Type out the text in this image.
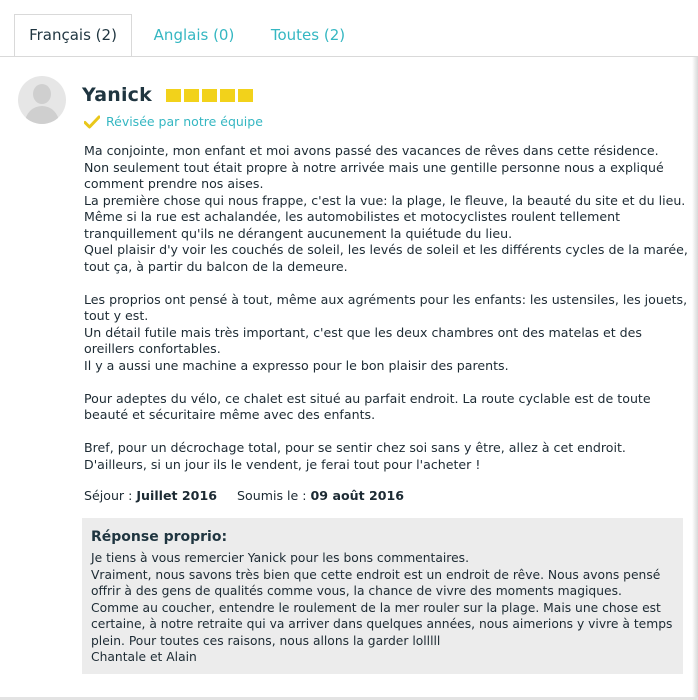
Français (2)	Anglais (0) Toutes (2)
Yanick
Révisée par notre équipe

Ma conjointe, mon enfant et moi avons passé des vacances de rêves dans cette résidence.
Non seulement tout était propre à notre arrivée mais une gentille personne nous a expliqué comment prendre nos aises.
La première chose qui nous frappe, c'est la vue: la plage, le fleuve, la beauté du site et du lieu.
Même si la rue est achalandée, les automobilistes et motocyclistes roulent tellement tranquillement qu'ils ne dérangent aucunement la quiétude du lieu.
Quel plaisir d'y voir les couchés de soleil, les levés de soleil et les différents cycles de la marée, tout ça, à partir du balcon de la demeure.

Les proprios ont pensé à tout, même aux agréments pour les enfants: les ustensiles, les jouets, tout y est.
Un détail futile mais très important, c'est que les deux chambres ont des matelas et des oreillers confortables.
Il y a aussi une machine a expresso pour le bon plaisir des parents.

Pour adeptes du vélo, ce chalet est situé au parfait endroit. La route cyclable est de toute beauté et sécuritaire même avec des enfants.

Bref, pour un décrochage total, pour se sentir chez soi sans y être, allez à cet endroit.
D'ailleurs, si un jour ils le vendent, je ferai tout pour l'acheter !

Séjour : Juillet 2016 Soumis le : 09 août 2016
Réponse proprio:
Je tiens à vous remercier Yanick pour les bons commentaires.
Vraiment, nous savons très bien que cette endroit est un endroit de rêve. Nous avons pensé offrir à des gens de qualités comme vous, la chance de vivre des moments magiques.
Comme au coucher, entendre le roulement de la mer rouler sur la plage. Mais une chose est certaine, à notre retraite qui va arriver dans quelques années, nous aimerions y vivre à temps plein. Pour toutes ces raisons, nous allons la garder lolllll
Chantale et Alain
